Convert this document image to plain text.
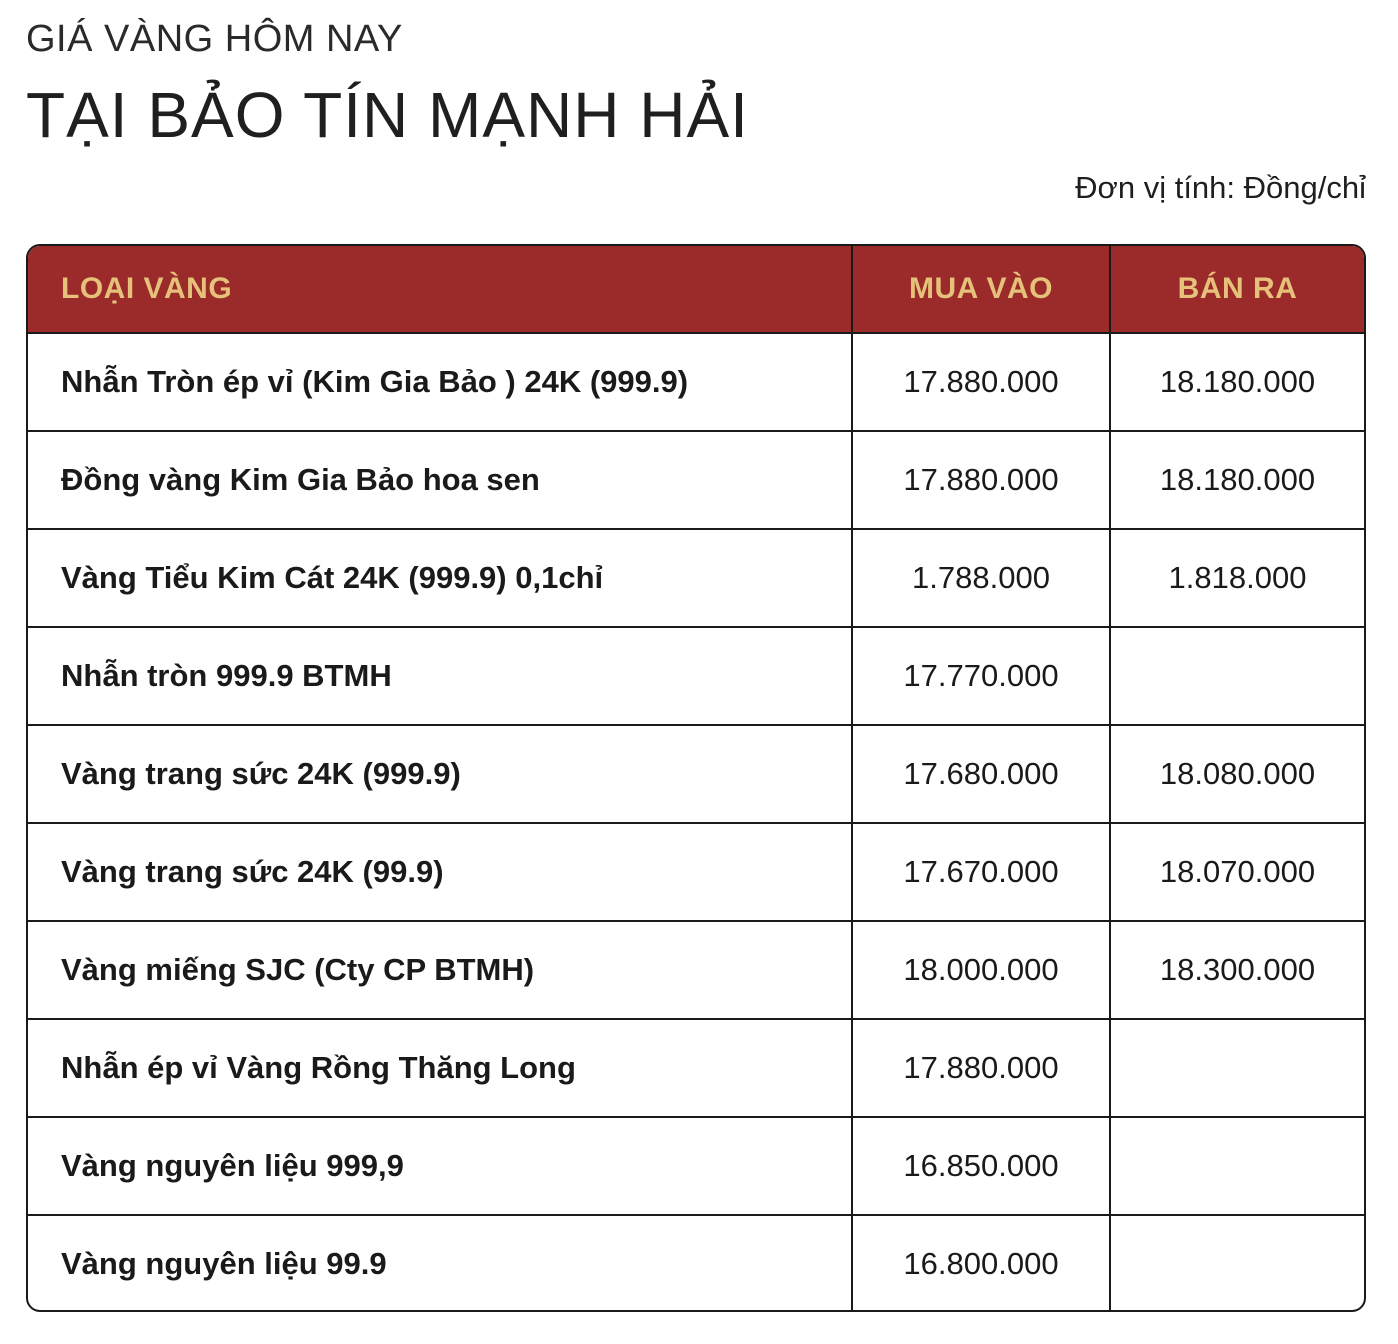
GIÁ VÀNG HÔM NAY
TẠI BẢO TÍN MẠNH HẢI
Đơn vị tính: Đồng/chỉ
LOẠI VÀNG	MUA VÀO	BÁN RA
Nhẫn Tròn ép vỉ (Kim Gia Bảo ) 24K (999.9)	17.880.000	18.180.000
Đồng vàng Kim Gia Bảo hoa sen	17.880.000	18.180.000
Vàng Tiểu Kim Cát 24K (999.9) 0,1chỉ	1.788.000	1.818.000
Nhẫn tròn 999.9 BTMH	17.770.000
Vàng trang sức 24K (999.9)	17.680.000	18.080.000
Vàng trang sức 24K (99.9)	17.670.000	18.070.000
Vàng miếng SJC (Cty CP BTMH)	18.000.000	18.300.000
Nhẫn ép vỉ Vàng Rồng Thăng Long	17.880.000
Vàng nguyên liệu 999,9	16.850.000
Vàng nguyên liệu 99.9	16.800.000
